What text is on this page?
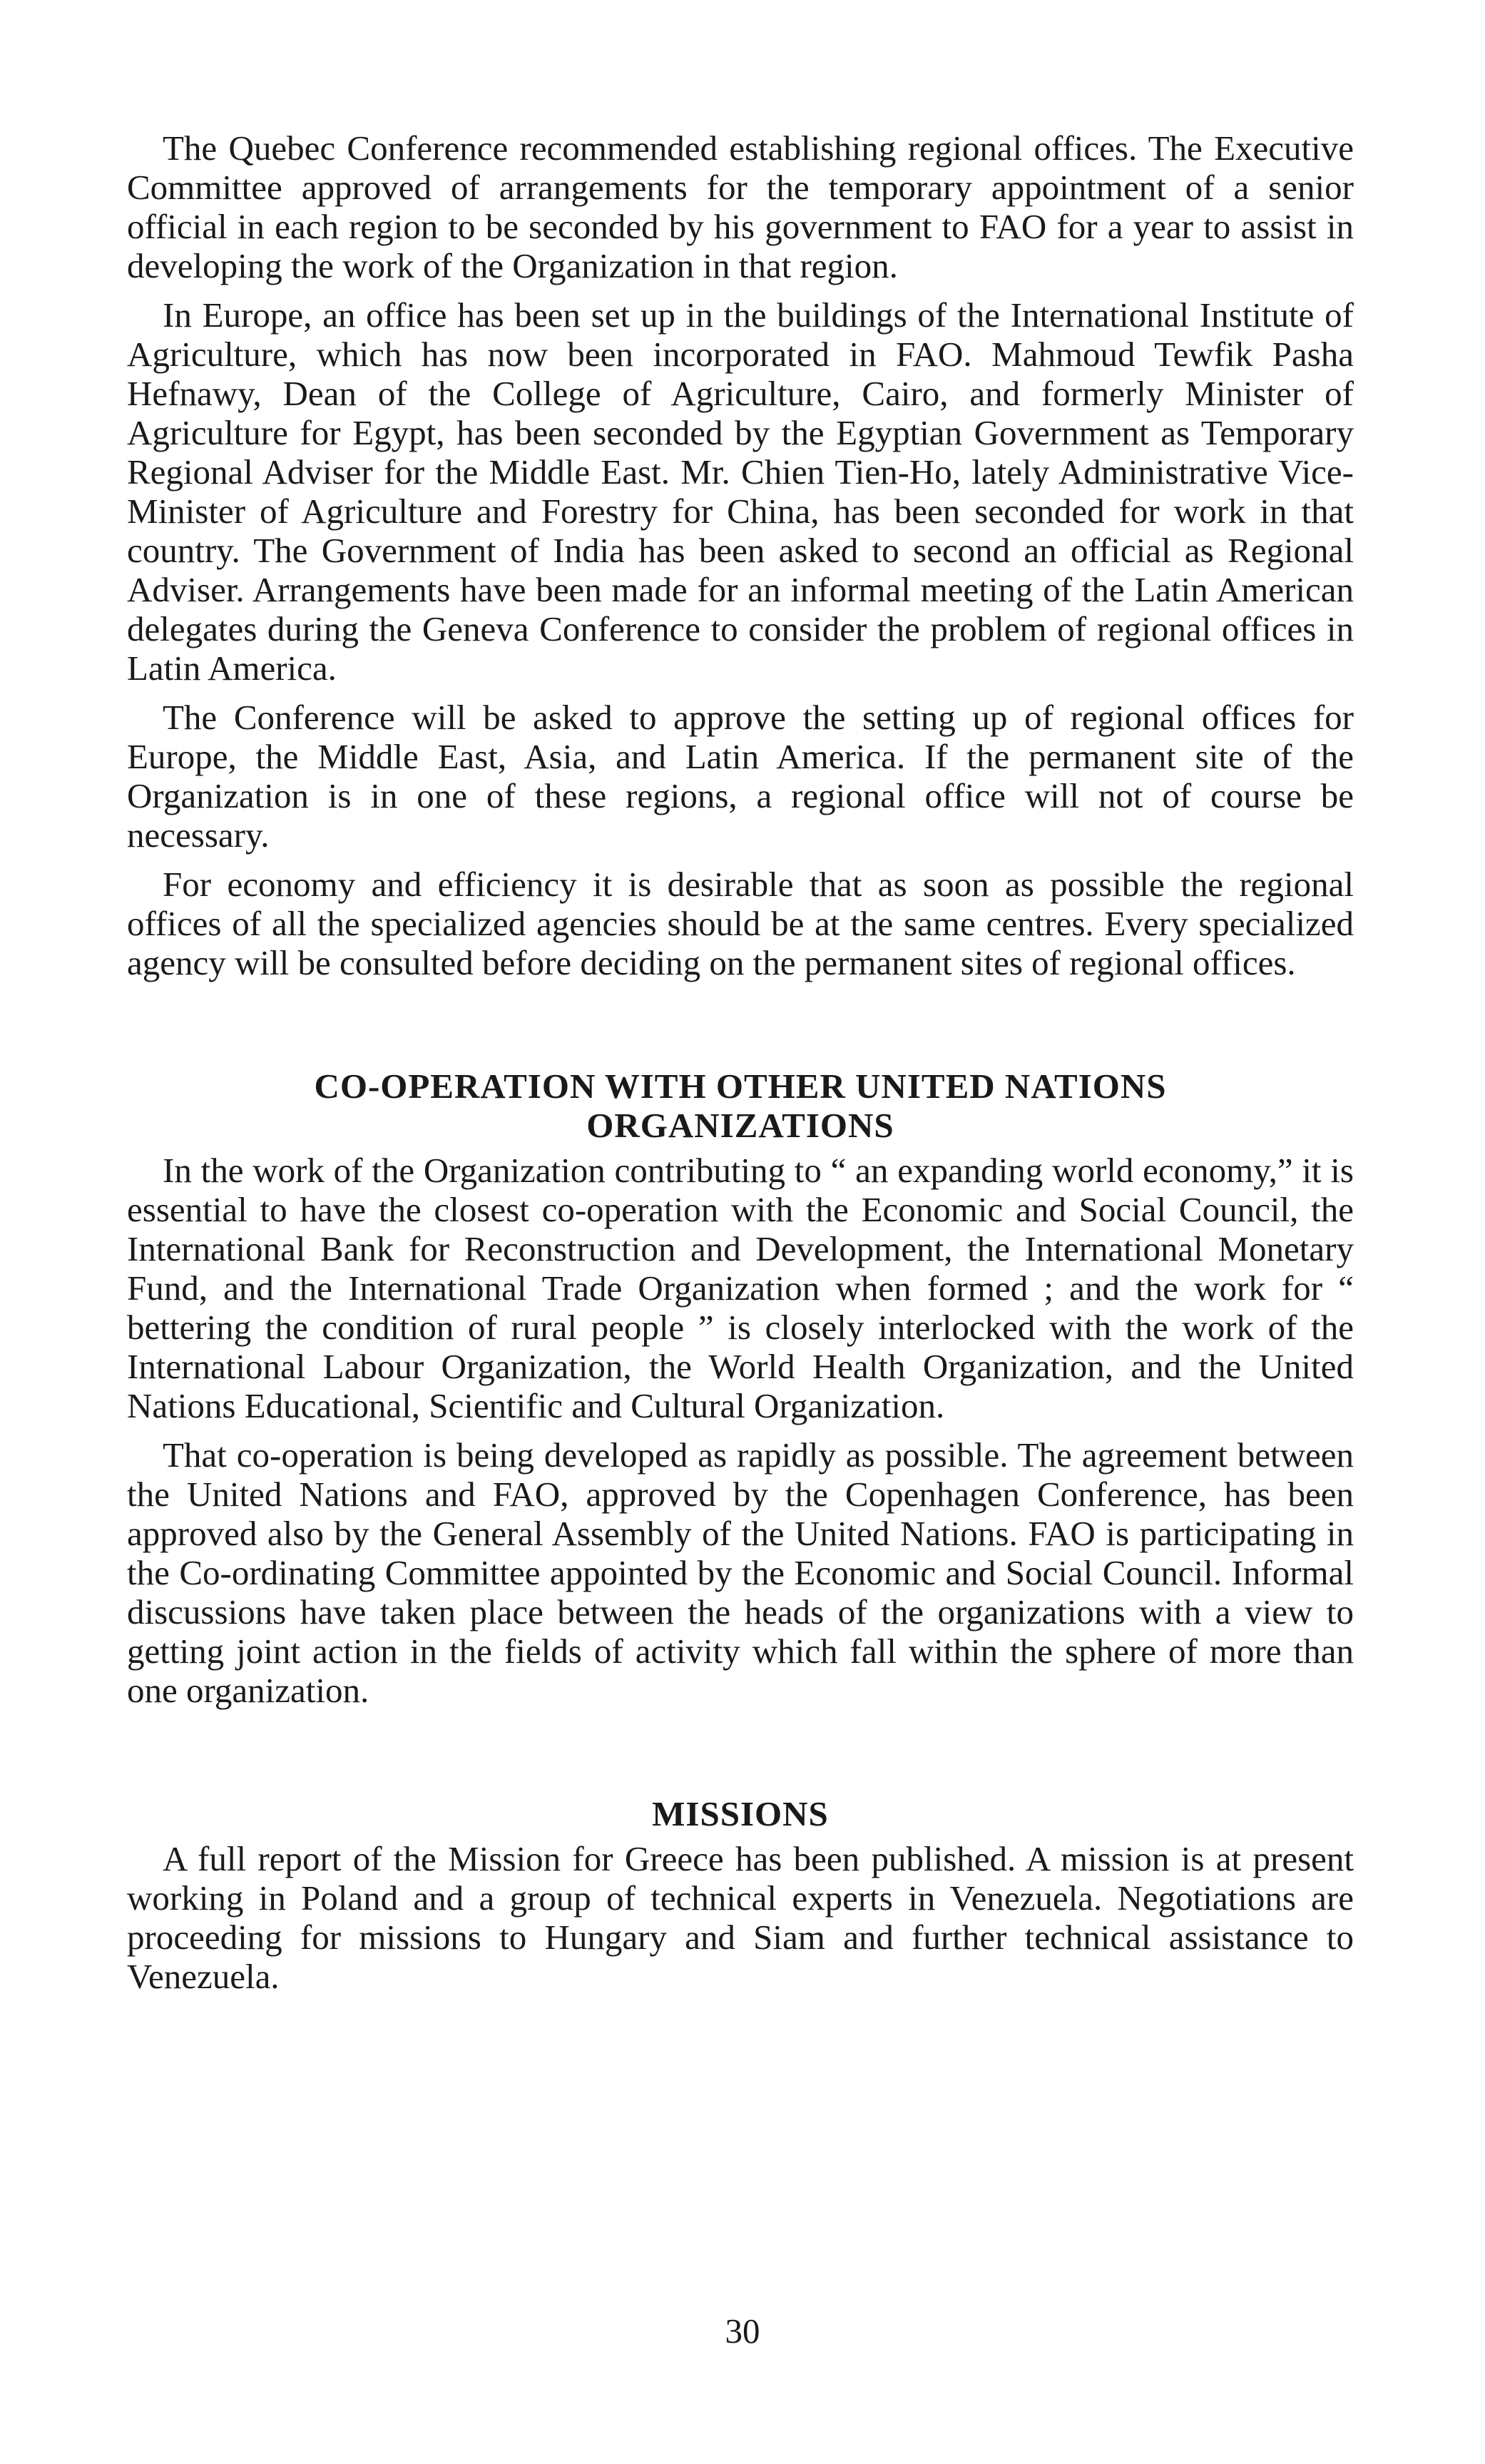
The Quebec Conference recommended establishing regional offices. The Executive Committee approved of arrangements for the temporary appointment of a senior official in each region to be seconded by his government to FAO for a year to assist in developing the work of the Organization in that region.

In Europe, an office has been set up in the buildings of the International Institute of Agriculture, which has now been incorporated in FAO. Mahmoud Tewfik Pasha Hefnawy, Dean of the College of Agriculture, Cairo, and formerly Minister of Agriculture for Egypt, has been seconded by the Egyptian Government as Temporary Regional Adviser for the Middle East. Mr. Chien Tien-Ho, lately Administrative Vice-Minister of Agriculture and Forestry for China, has been seconded for work in that country. The Government of India has been asked to second an official as Regional Adviser. Arrangements have been made for an informal meeting of the Latin American delegates during the Geneva Conference to consider the problem of regional offices in Latin America.

The Conference will be asked to approve the setting up of regional offices for Europe, the Middle East, Asia, and Latin America. If the permanent site of the Organization is in one of these regions, a regional office will not of course be necessary.

For economy and efficiency it is desirable that as soon as possible the regional offices of all the specialized agencies should be at the same centres. Every specialized agency will be consulted before deciding on the permanent sites of regional offices.

CO-OPERATION WITH OTHER UNITED NATIONS
ORGANIZATIONS

In the work of the Organization contributing to “ an expanding world economy,” it is essential to have the closest co-operation with the Economic and Social Council, the International Bank for Reconstruction and Development, the International Monetary Fund, and the International Trade Organization when formed ; and the work for “ bettering the condition of rural people ” is closely interlocked with the work of the International Labour Organization, the World Health Organization, and the United Nations Educational, Scientific and Cultural Organization.

That co-operation is being developed as rapidly as possible. The agreement between the United Nations and FAO, approved by the Copenhagen Conference, has been approved also by the General Assembly of the United Nations. FAO is participating in the Co-ordinating Committee appointed by the Economic and Social Council. Informal discussions have taken place between the heads of the organizations with a view to getting joint action in the fields of activity which fall within the sphere of more than one organization.

MISSIONS

A full report of the Mission for Greece has been published. A mission is at present working in Poland and a group of technical experts in Venezuela. Negotiations are proceeding for missions to Hungary and Siam and further technical assistance to Venezuela.

30
